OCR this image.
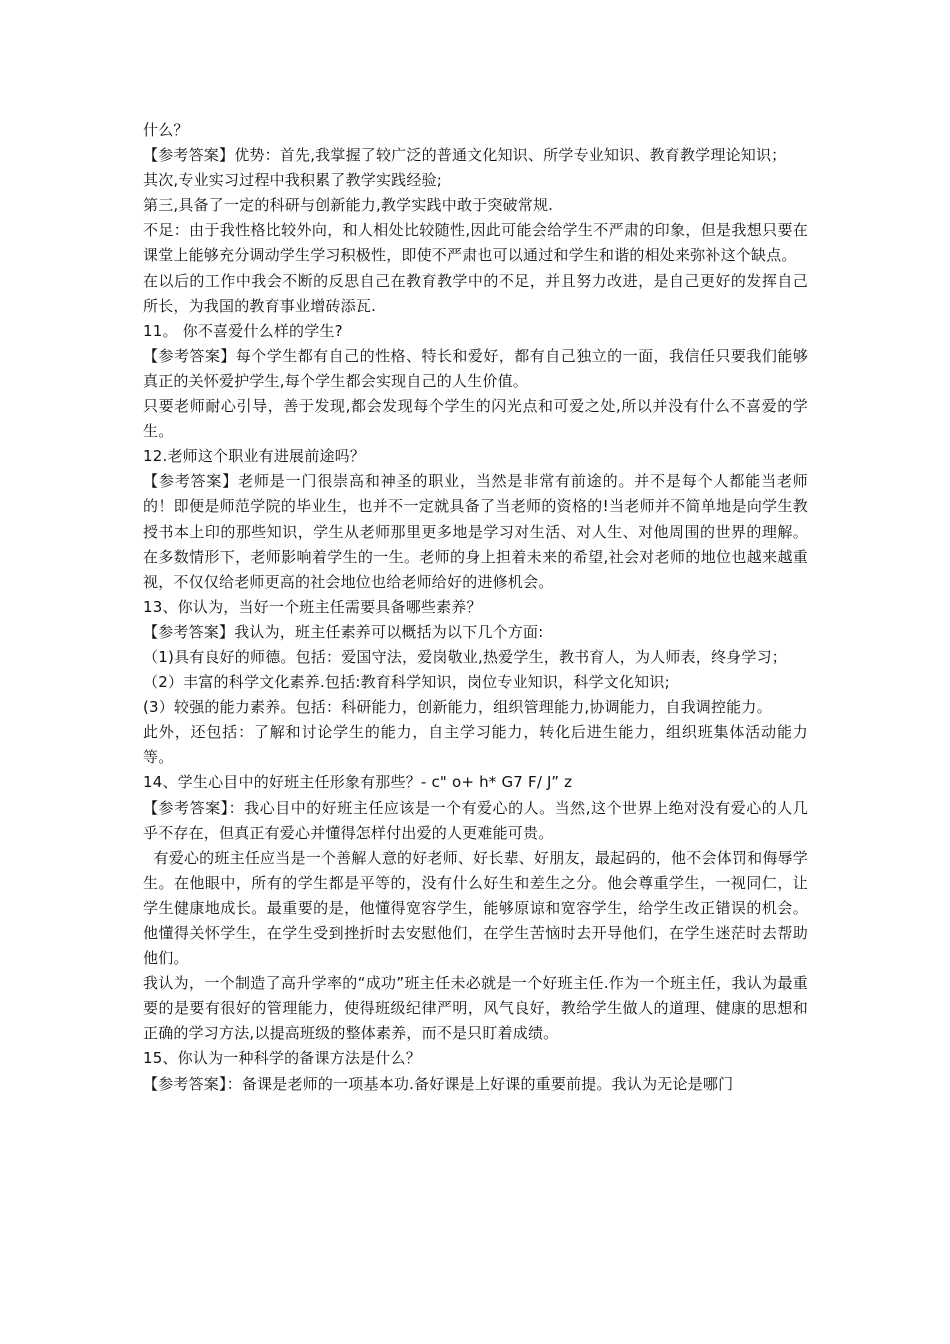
什么？

【参考答案】优势：首先,我掌握了较广泛的普通文化知识、所学专业知识、教育教学理论知识；

其次,专业实习过程中我积累了教学实践经验;

第三,具备了一定的科研与创新能力,教学实践中敢于突破常规.

不足：由于我性格比较外向，和人相处比较随性,因此可能会给学生不严肃的印象，但是我想只要在课堂上能够充分调动学生学习积极性，即使不严肃也可以通过和学生和谐的相处来弥补这个缺点。

在以后的工作中我会不断的反思自己在教育教学中的不足，并且努力改进，是自己更好的发挥自己所长，为我国的教育事业增砖添瓦.

11。 你不喜爱什么样的学生?

【参考答案】每个学生都有自己的性格、特长和爱好，都有自己独立的一面，我信任只要我们能够真正的关怀爱护学生,每个学生都会实现自己的人生价值。

只要老师耐心引导，善于发现,都会发现每个学生的闪光点和可爱之处,所以并没有什么不喜爱的学生。

12.老师这个职业有进展前途吗？

【参考答案】老师是一门很崇高和神圣的职业，当然是非常有前途的。并不是每个人都能当老师的！即便是师范学院的毕业生，也并不一定就具备了当老师的资格的!当老师并不简单地是向学生教授书本上印的那些知识，学生从老师那里更多地是学习对生活、对人生、对他周围的世界的理解。在多数情形下，老师影响着学生的一生。老师的身上担着未来的希望,社会对老师的地位也越来越重视，不仅仅给老师更高的社会地位也给老师给好的进修机会。

13、你认为，当好一个班主任需要具备哪些素养？

【参考答案】我认为，班主任素养可以概括为以下几个方面:

（1)具有良好的师德。包括：爱国守法，爱岗敬业,热爱学生，教书育人，为人师表，终身学习；

（2）丰富的科学文化素养.包括:教育科学知识，岗位专业知识，科学文化知识;

(3）较强的能力素养。包括：科研能力，创新能力，组织管理能力,协调能力，自我调控能力。

此外，还包括：了解和讨论学生的能力，自主学习能力，转化后进生能力，组织班集体活动能力等。

14、学生心目中的好班主任形象有那些？- c" o+ h* G7 F/ J” z

【参考答案】：我心目中的好班主任应该是一个有爱心的人。当然,这个世界上绝对没有爱心的人几乎不存在，但真正有爱心并懂得怎样付出爱的人更难能可贵。

有爱心的班主任应当是一个善解人意的好老师、好长辈、好朋友，最起码的，他不会体罚和侮辱学生。在他眼中，所有的学生都是平等的，没有什么好生和差生之分。他会尊重学生，一视同仁，让学生健康地成长。最重要的是，他懂得宽容学生，能够原谅和宽容学生，给学生改正错误的机会。他懂得关怀学生，在学生受到挫折时去安慰他们，在学生苦恼时去开导他们，在学生迷茫时去帮助他们。

我认为，一个制造了高升学率的“成功”班主任未必就是一个好班主任.作为一个班主任，我认为最重要的是要有很好的管理能力，使得班级纪律严明，风气良好，教给学生做人的道理、健康的思想和正确的学习方法,以提高班级的整体素养，而不是只盯着成绩。

15、你认为一种科学的备课方法是什么？

【参考答案】：备课是老师的一项基本功.备好课是上好课的重要前提。我认为无论是哪门
